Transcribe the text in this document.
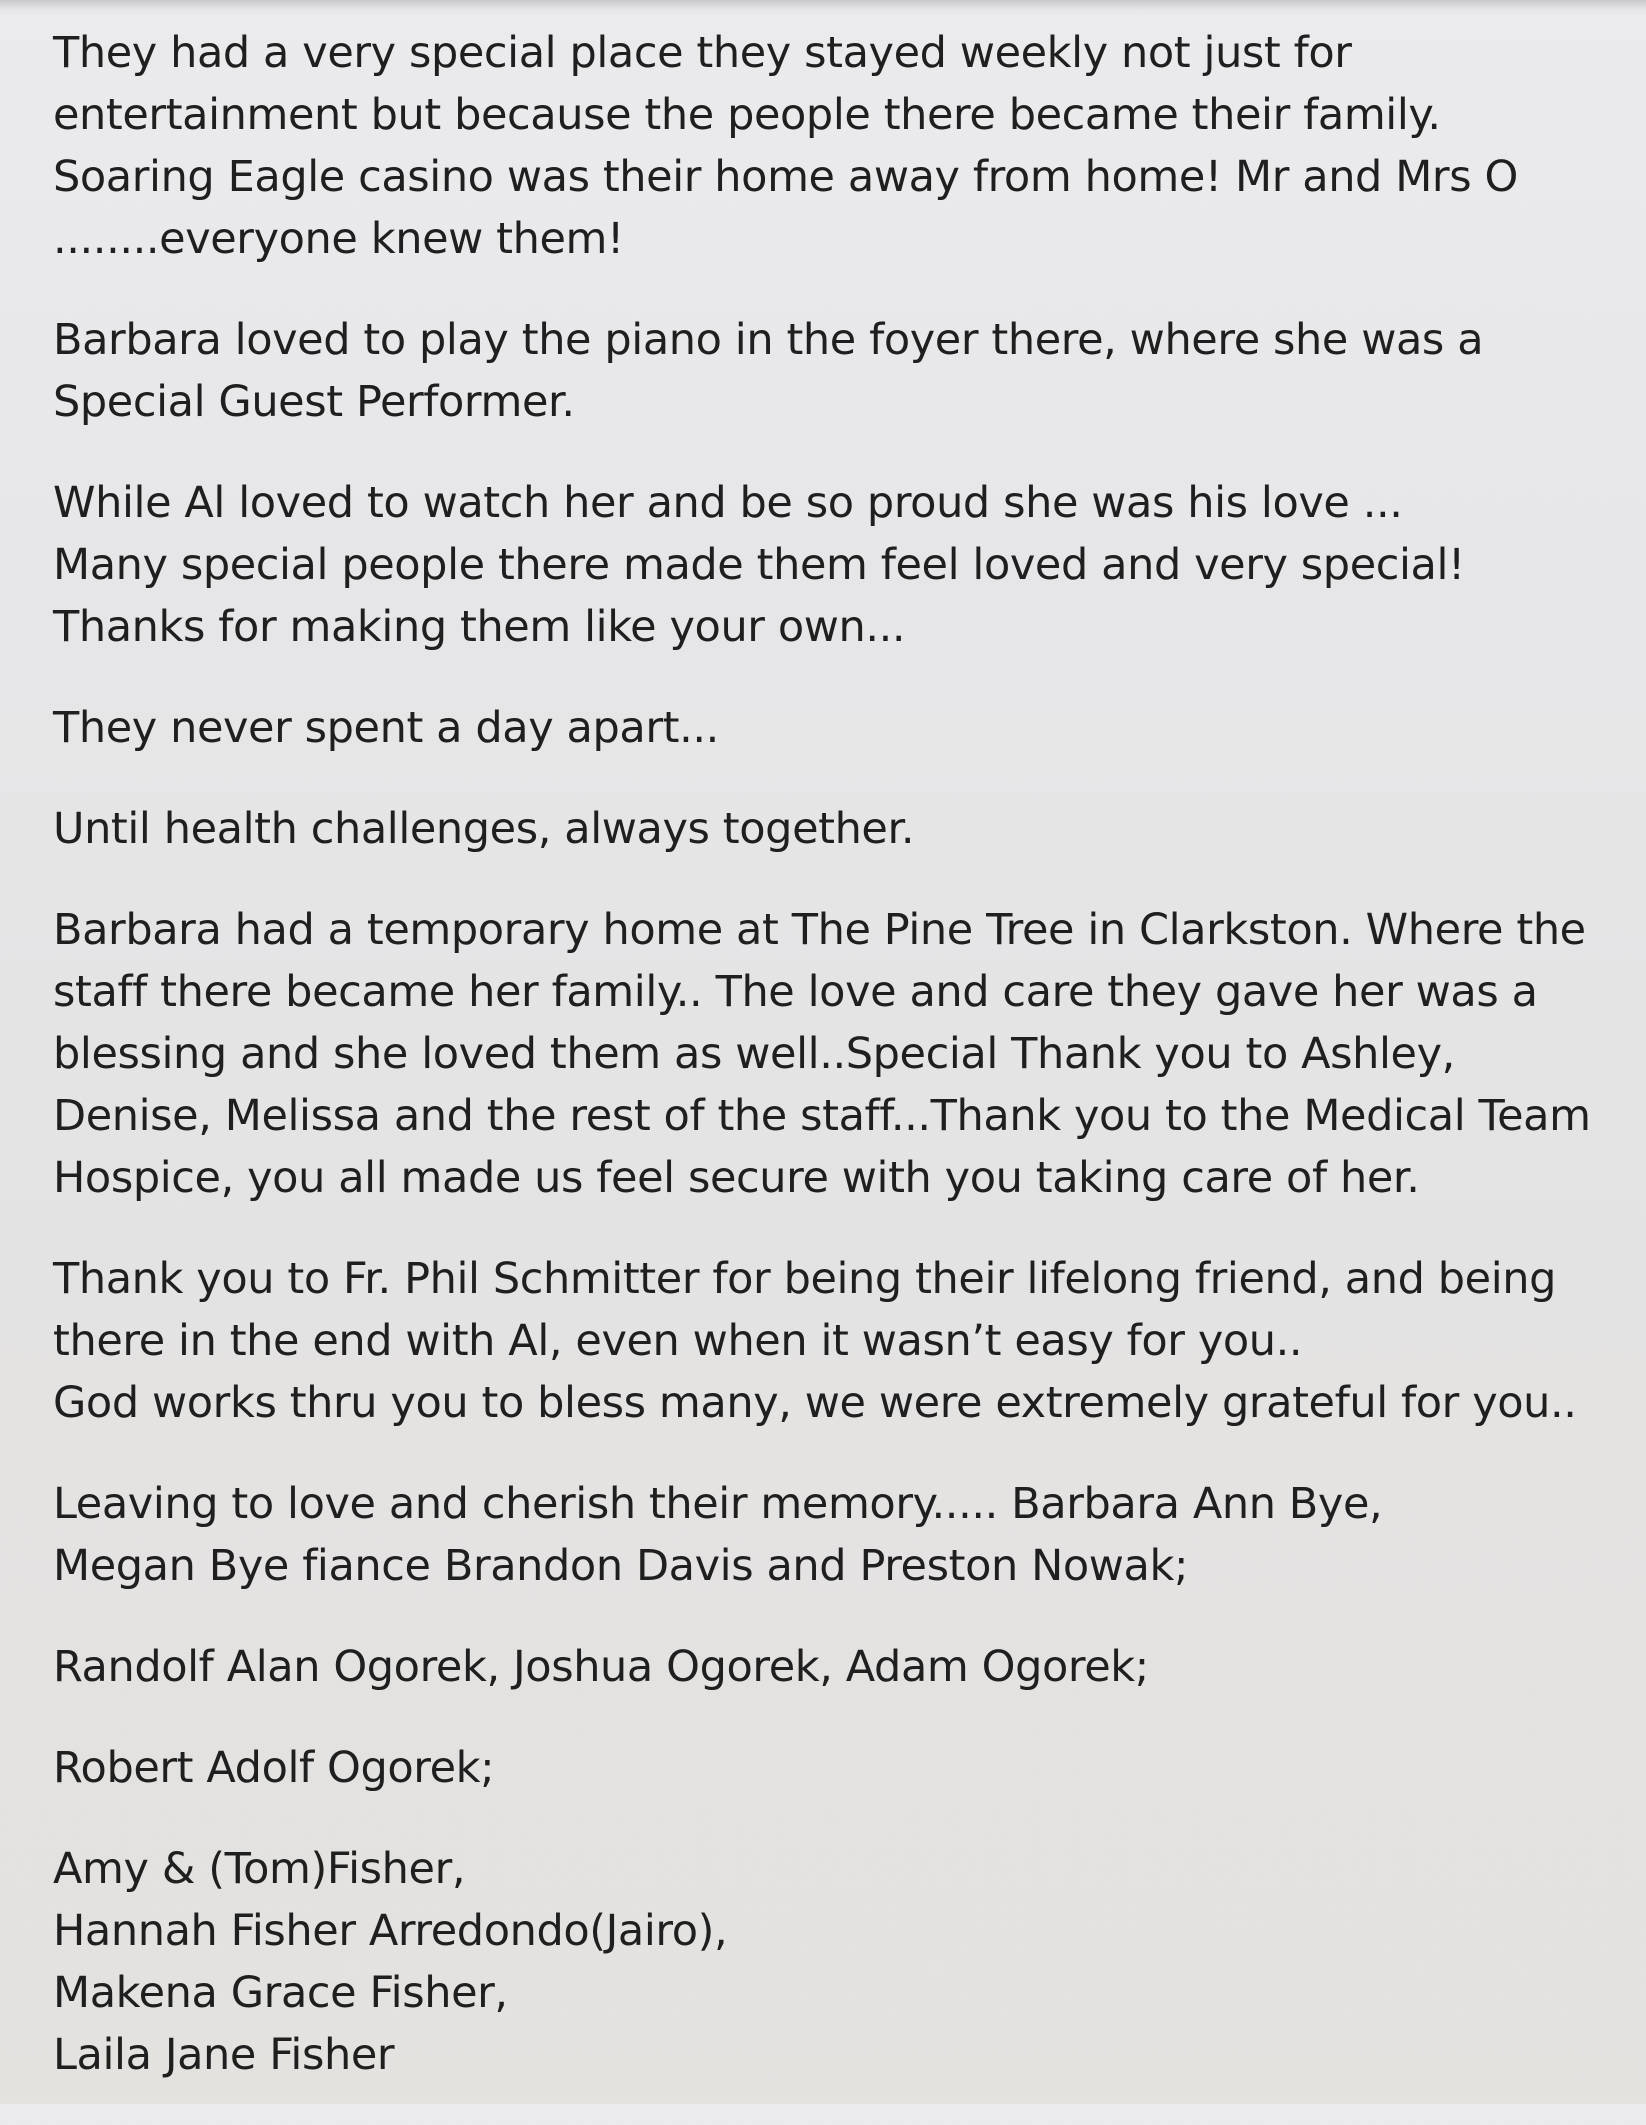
They had a very special place they stayed weekly not just for
entertainment but because the people there became their family.
Soaring Eagle casino was their home away from home! Mr and Mrs O
........everyone knew them!

Barbara loved to play the piano in the foyer there, where she was a
Special Guest Performer.

While Al loved to watch her and be so proud she was his love ...
Many special people there made them feel loved and very special!
Thanks for making them like your own...

They never spent a day apart...

Until health challenges, always together.

Barbara had a temporary home at The Pine Tree in Clarkston. Where the
staff there became her family.. The love and care they gave her was a
blessing and she loved them as well..Special Thank you to Ashley,
Denise, Melissa and the rest of the staff...Thank you to the Medical Team
Hospice, you all made us feel secure with you taking care of her.

Thank you to Fr. Phil Schmitter for being their lifelong friend, and being
there in the end with Al, even when it wasn’t easy for you..
God works thru you to bless many, we were extremely grateful for you..

Leaving to love and cherish their memory..... Barbara Ann Bye,
Megan Bye fiance Brandon Davis and Preston Nowak;

Randolf Alan Ogorek, Joshua Ogorek, Adam Ogorek;

Robert Adolf Ogorek;

Amy & (Tom)Fisher,
Hannah Fisher Arredondo(Jairo),
Makena Grace Fisher,
Laila Jane Fisher
